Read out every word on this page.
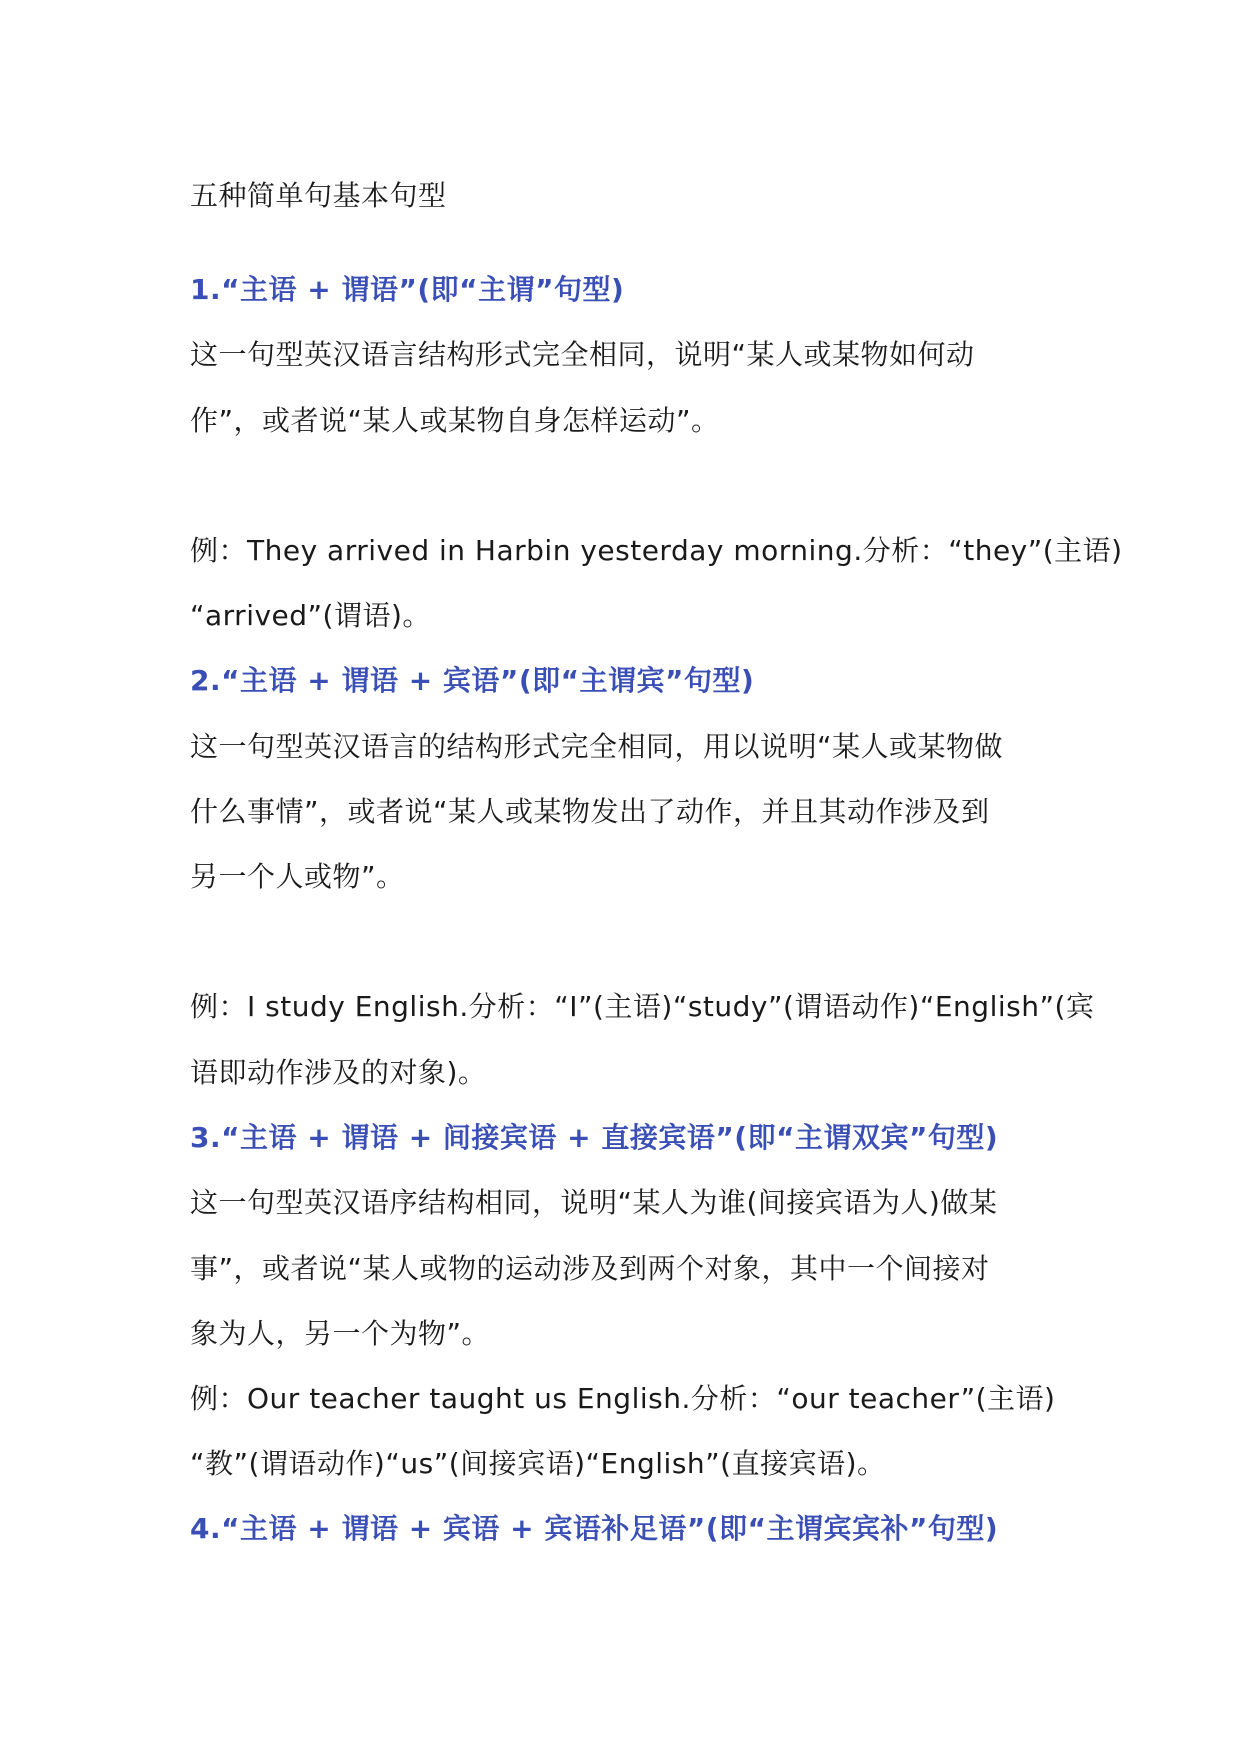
五种简单句基本句型
1.“主语 + 谓语”(即“主谓”句型)
这一句型英汉语言结构形式完全相同，说明“某人或某物如何动
作”，或者说“某人或某物自身怎样运动”。
例：They arrived in Harbin yesterday morning.分析：“they”(主语)
“arrived”(谓语)。
2.“主语 + 谓语 + 宾语”(即“主谓宾”句型)
这一句型英汉语言的结构形式完全相同，用以说明“某人或某物做
什么事情”，或者说“某人或某物发出了动作，并且其动作涉及到
另一个人或物”。
例：I study English.分析：“I”(主语)“study”(谓语动作)“English”(宾
语即动作涉及的对象)。
3.“主语 + 谓语 + 间接宾语 + 直接宾语”(即“主谓双宾”句型)
这一句型英汉语序结构相同，说明“某人为谁(间接宾语为人)做某
事”，或者说“某人或物的运动涉及到两个对象，其中一个间接对
象为人，另一个为物”。
例：Our teacher taught us English.分析：“our teacher”(主语)
“教”(谓语动作)“us”(间接宾语)“English”(直接宾语)。
4.“主语 + 谓语 + 宾语 + 宾语补足语”(即“主谓宾宾补”句型)
